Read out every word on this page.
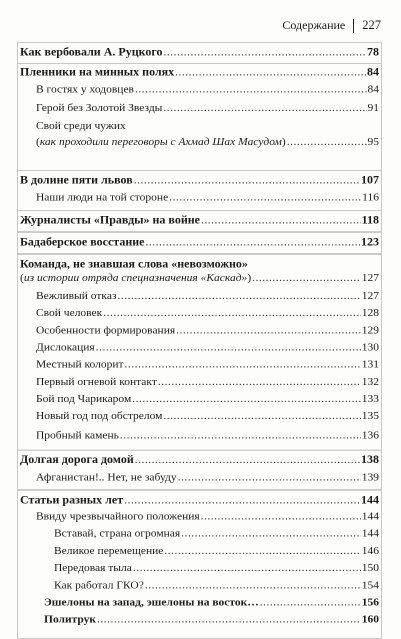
Содержание 227
Как вербовали А. Руцкого .....	78
Пленники на минных полях .....	84
В гостях у ходовцев .....	84
Герой без Золотой Звезды .....	91
Свой среди чужих
(как проходили переговоры с Ахмад Шах Масудом) .....	95
В долине пяти львов .....	107
Наши люди на той стороне .....	116
Журналисты «Правды» на войне .....	118
Бадаберское восстание .....	123
Команда, не знавшая слова «невозможно»
(из истории отряда спецназначения «Каскад») .....	127
Вежливый отказ .....	127
Свой человек .....	128
Особенности формирования .....	129
Дислокация .....	130
Местный колорит .....	131
Первый огневой контакт .....	132
Бой под Чарикаром .....	133
Новый год под обстрелом .....	135
Пробный камень .....	136
Долгая дорога домой .....	138
Афганистан!.. Нет, не забуду .....	139
Статьи разных лет .....	144
Ввиду чрезвычайного положения .....	144
Вставай, страна огромная .....	144
Великое перемещение .....	146
Передовая тыла .....	150
Как работал ГКО? .....	154
Эшелоны на запад, эшелоны на восток… .....	156
Политрук .....	160
